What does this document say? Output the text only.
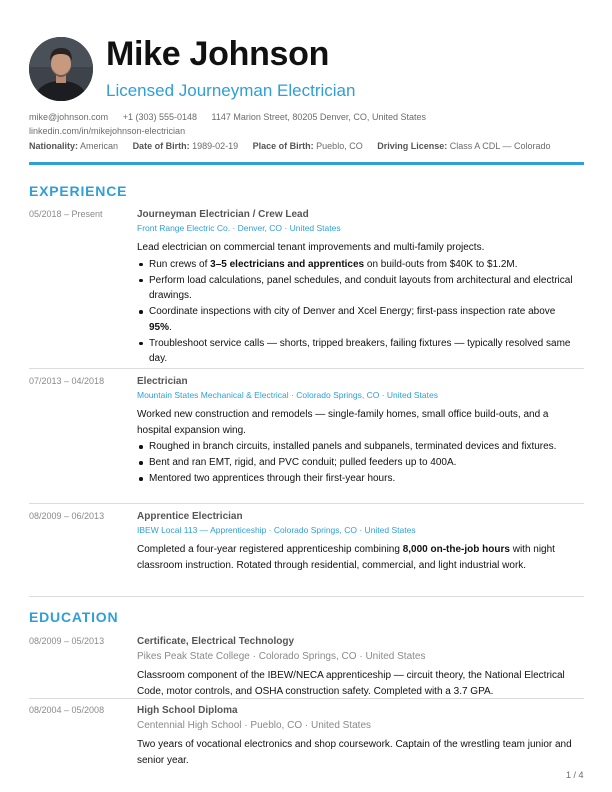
Mike Johnson
Licensed Journeyman Electrician
mike@johnson.com +1 (303) 555-0148 1147 Marion Street, 80205 Denver, CO, United States
linkedin.com/in/mikejohnson-electrician
Nationality: American Date of Birth: 1989-02-19 Place of Birth: Pueblo, CO Driving License: Class A CDL — Colorado
EXPERIENCE
05/2018 – Present	Journeyman Electrician / Crew Lead
Front Range Electric Co. · Denver, CO · United States
Lead electrician on commercial tenant improvements and multi-family projects.
Run crews of 3–5 electricians and apprentices on build-outs from $40K to $1.2M.
Perform load calculations, panel schedules, and conduit layouts from architectural and electrical drawings.
Coordinate inspections with city of Denver and Xcel Energy; first-pass inspection rate above 95%.
Troubleshoot service calls — shorts, tripped breakers, failing fixtures — typically resolved same day.
07/2013 – 04/2018	Electrician
Mountain States Mechanical & Electrical · Colorado Springs, CO · United States
Worked new construction and remodels — single-family homes, small office build-outs, and a hospital expansion wing.
Roughed in branch circuits, installed panels and subpanels, terminated devices and fixtures.
Bent and ran EMT, rigid, and PVC conduit; pulled feeders up to 400A.
Mentored two apprentices through their first-year hours.
08/2009 – 06/2013	Apprentice Electrician
IBEW Local 113 — Apprenticeship · Colorado Springs, CO · United States
Completed a four-year registered apprenticeship combining 8,000 on-the-job hours with night classroom instruction. Rotated through residential, commercial, and light industrial work.
EDUCATION
08/2009 – 05/2013	Certificate, Electrical Technology
Pikes Peak State College · Colorado Springs, CO · United States
Classroom component of the IBEW/NECA apprenticeship — circuit theory, the National Electrical Code, motor controls, and OSHA construction safety. Completed with a 3.7 GPA.
08/2004 – 05/2008	High School Diploma
Centennial High School · Pueblo, CO · United States
Two years of vocational electronics and shop coursework. Captain of the wrestling team junior and senior year.
1 / 4
